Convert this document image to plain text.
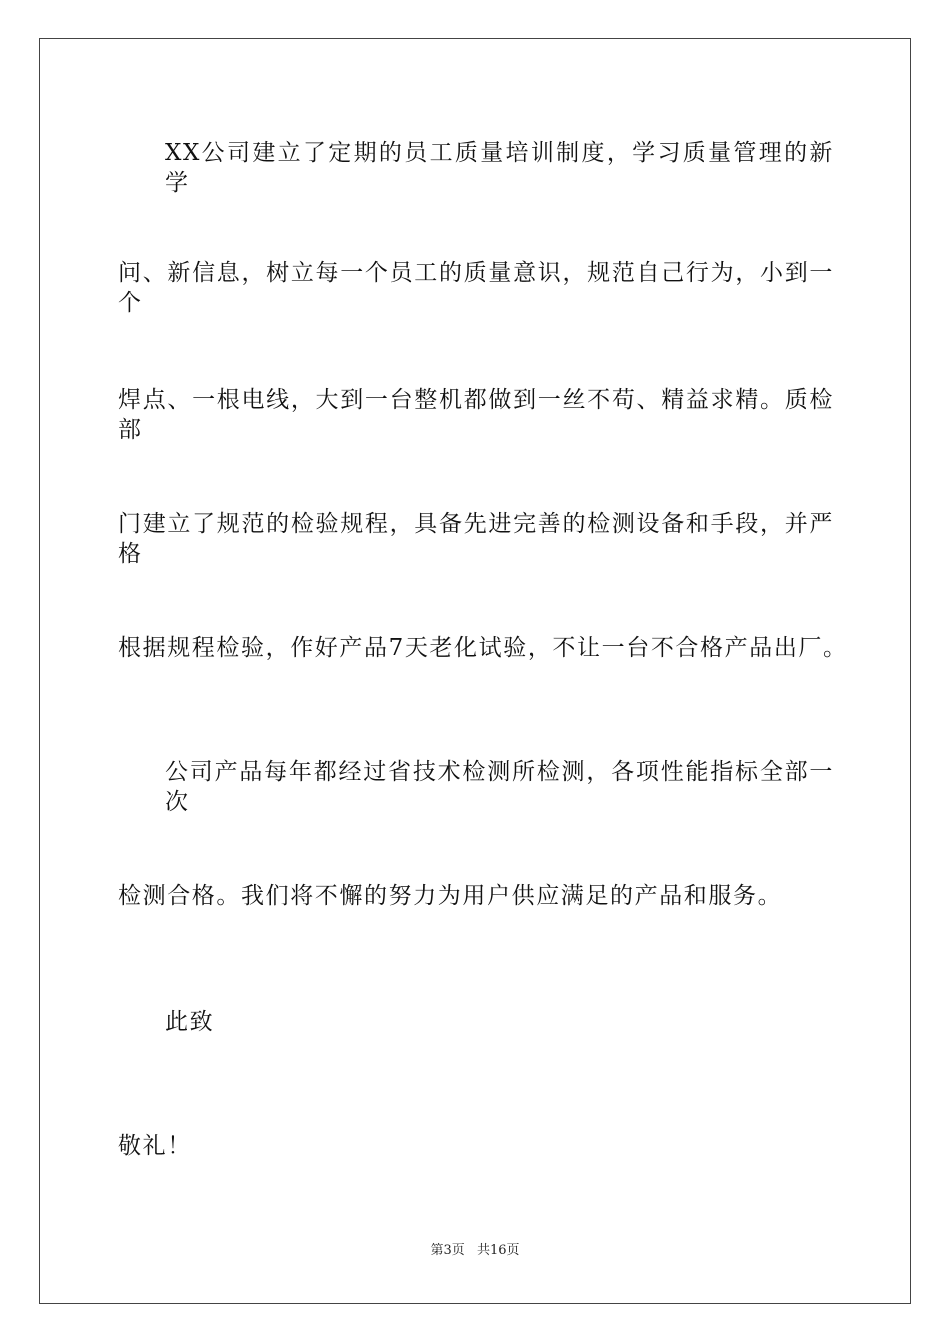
XX公司建立了定期的员工质量培训制度，学习质量管理的新学
问、新信息，树立每一个员工的质量意识，规范自己行为，小到一个
焊点、一根电线，大到一台整机都做到一丝不苟、精益求精。质检部
门建立了规范的检验规程，具备先进完善的检测设备和手段，并严格
根据规程检验，作好产品7天老化试验，不让一台不合格产品出厂。
公司产品每年都经过省技术检测所检测，各项性能指标全部一次
检测合格。我们将不懈的努力为用户供应满足的产品和服务。
此致
敬礼！
第3页 共16页
